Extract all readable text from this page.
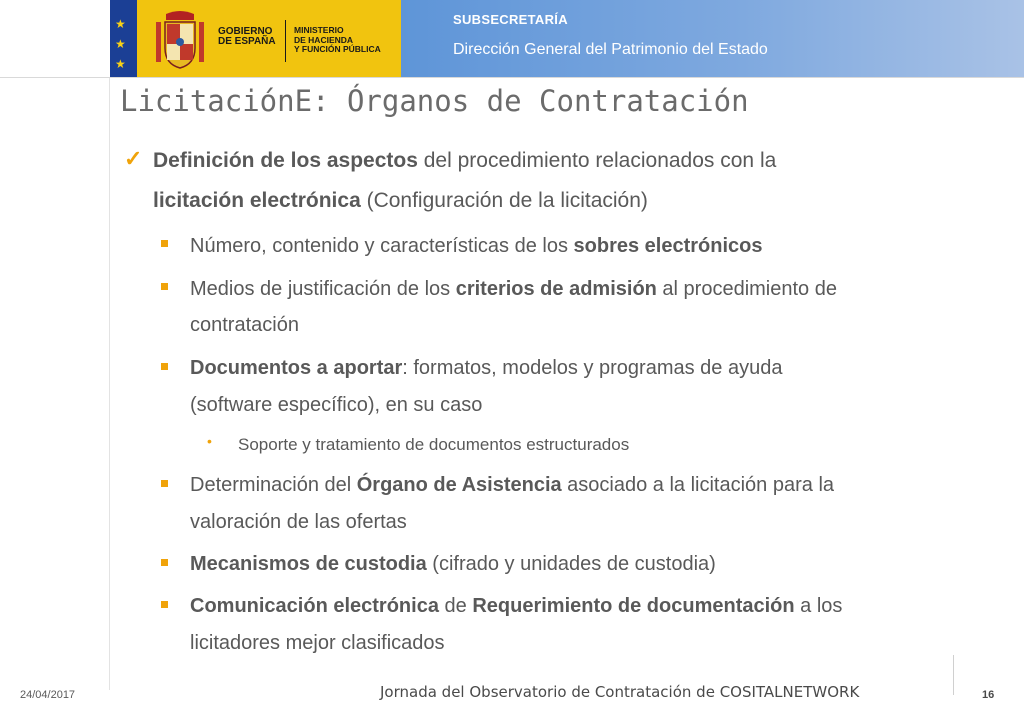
★
★
★
GOBIERNO
DE ESPAÑA
MINISTERIO
DE HACIENDA
Y FUNCIÓN PÚBLICA
SUBSECRETARÍA
Dirección General del Patrimonio del Estado
LicitaciónE: Órganos de Contratación
✓ Definición de los aspectos del procedimiento relacionados con la
licitación electrónica (Configuración de la licitación)
Número, contenido y características de los sobres electrónicos
Medios de justificación de los criterios de admisión al procedimiento de
contratación
Documentos a aportar: formatos, modelos y programas de ayuda
(software específico), en su caso
• Soporte y tratamiento de documentos estructurados
Determinación del Órgano de Asistencia asociado a la licitación para la
valoración de las ofertas
Mecanismos de custodia (cifrado y unidades de custodia)
Comunicación electrónica de Requerimiento de documentación a los
licitadores mejor clasificados
24/04/2017	Jornada del Observatorio de Contratación de COSITALNETWORK	16
